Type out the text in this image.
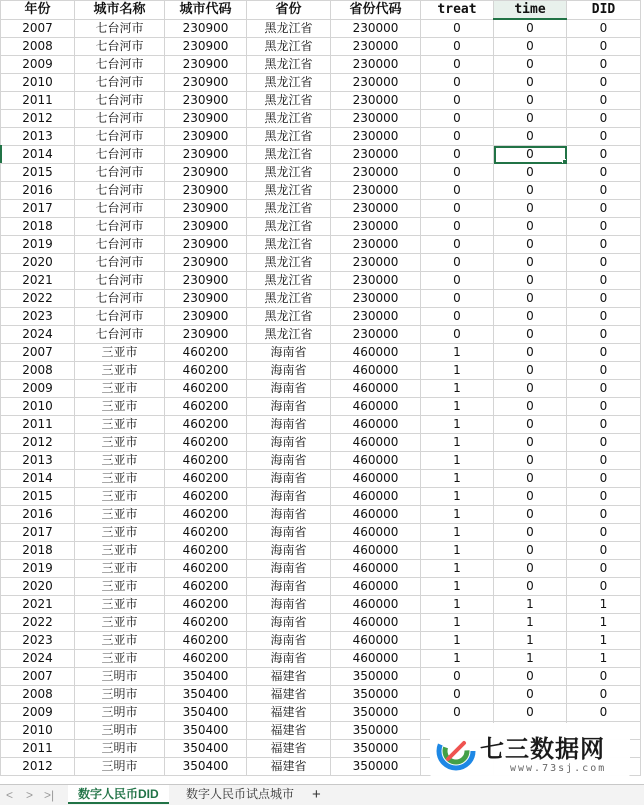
年份	城市名称	城市代码	省份	省份代码	treat	time	DID
2007	七台河市	230900	黑龙江省	230000	0	0	0
2008	七台河市	230900	黑龙江省	230000	0	0	0
2009	七台河市	230900	黑龙江省	230000	0	0	0
2010	七台河市	230900	黑龙江省	230000	0	0	0
2011	七台河市	230900	黑龙江省	230000	0	0	0
2012	七台河市	230900	黑龙江省	230000	0	0	0
2013	七台河市	230900	黑龙江省	230000	0	0	0
2014	七台河市	230900	黑龙江省	230000	0	0	0
2015	七台河市	230900	黑龙江省	230000	0	0	0
2016	七台河市	230900	黑龙江省	230000	0	0	0
2017	七台河市	230900	黑龙江省	230000	0	0	0
2018	七台河市	230900	黑龙江省	230000	0	0	0
2019	七台河市	230900	黑龙江省	230000	0	0	0
2020	七台河市	230900	黑龙江省	230000	0	0	0
2021	七台河市	230900	黑龙江省	230000	0	0	0
2022	七台河市	230900	黑龙江省	230000	0	0	0
2023	七台河市	230900	黑龙江省	230000	0	0	0
2024	七台河市	230900	黑龙江省	230000	0	0	0
2007	三亚市	460200	海南省	460000	1	0	0
2008	三亚市	460200	海南省	460000	1	0	0
2009	三亚市	460200	海南省	460000	1	0	0
2010	三亚市	460200	海南省	460000	1	0	0
2011	三亚市	460200	海南省	460000	1	0	0
2012	三亚市	460200	海南省	460000	1	0	0
2013	三亚市	460200	海南省	460000	1	0	0
2014	三亚市	460200	海南省	460000	1	0	0
2015	三亚市	460200	海南省	460000	1	0	0
2016	三亚市	460200	海南省	460000	1	0	0
2017	三亚市	460200	海南省	460000	1	0	0
2018	三亚市	460200	海南省	460000	1	0	0
2019	三亚市	460200	海南省	460000	1	0	0
2020	三亚市	460200	海南省	460000	1	0	0
2021	三亚市	460200	海南省	460000	1	1	1
2022	三亚市	460200	海南省	460000	1	1	1
2023	三亚市	460200	海南省	460000	1	1	1
2024	三亚市	460200	海南省	460000	1	1	1
2007	三明市	350400	福建省	350000	0	0	0
2008	三明市	350400	福建省	350000	0	0	0
2009	三明市	350400	福建省	350000	0	0	0
2010	三明市	350400	福建省	350000			
2011	三明市	350400	福建省	350000			
2012	三明市	350400	福建省	350000			
< > >|	数字人民币DID	数字人民币试点城市	+
七三数据网
www.73sj.com
